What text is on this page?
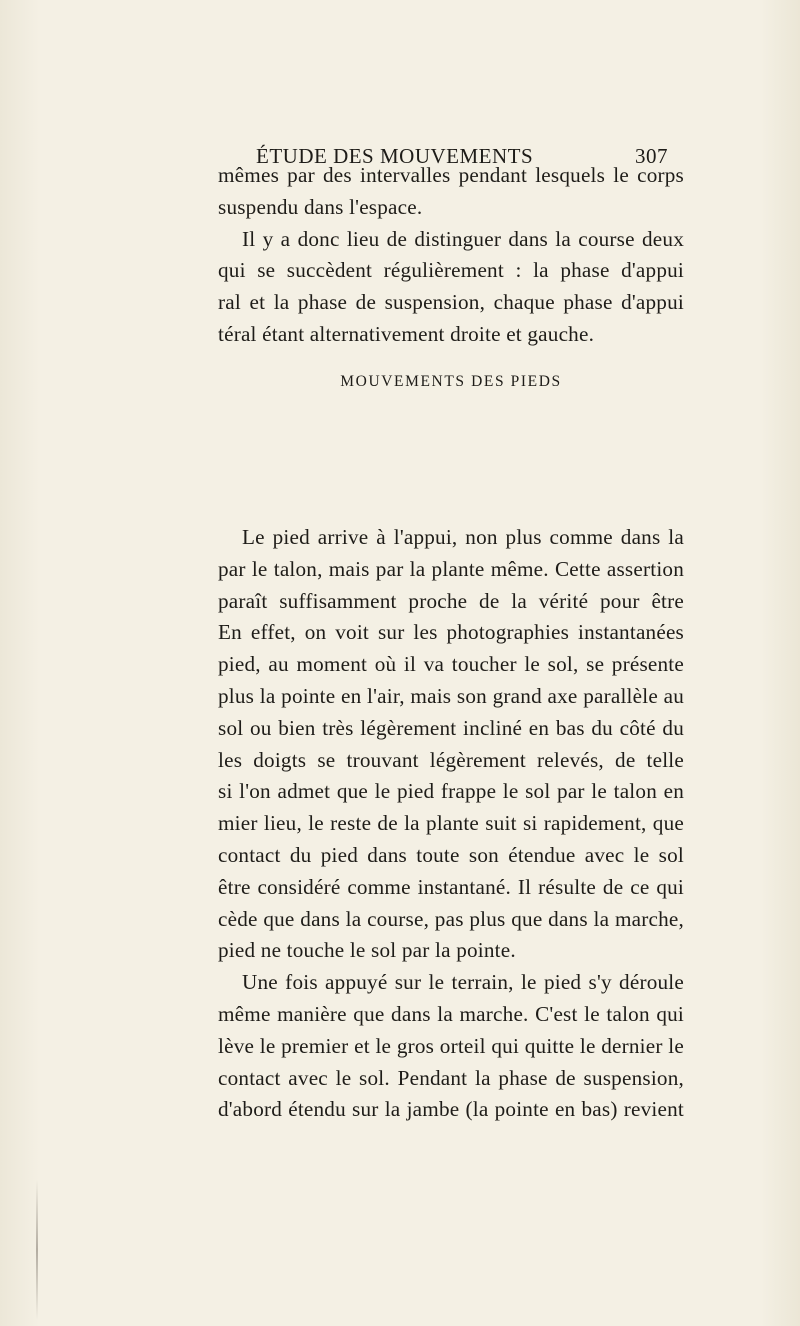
ÉTUDE DES MOUVEMENTS	307
mêmes par des intervalles pendant lesquels le corps
suspendu dans l'espace.
Il y a donc lieu de distinguer dans la course deux
qui se succèdent régulièrement : la phase d'appui
ral et la phase de suspension, chaque phase d'appui
téral étant alternativement droite et gauche.
MOUVEMENTS DES PIEDS
Le pied arrive à l'appui, non plus comme dans la
par le talon, mais par la plante même. Cette assertion
paraît suffisamment proche de la vérité pour être
En effet, on voit sur les photographies instantanées
pied, au moment où il va toucher le sol, se présente
plus la pointe en l'air, mais son grand axe parallèle au
sol ou bien très légèrement incliné en bas du côté du
les doigts se trouvant légèrement relevés, de telle
si l'on admet que le pied frappe le sol par le talon en
mier lieu, le reste de la plante suit si rapidement, que
contact du pied dans toute son étendue avec le sol
être considéré comme instantané. Il résulte de ce qui
cède que dans la course, pas plus que dans la marche,
pied ne touche le sol par la pointe.
Une fois appuyé sur le terrain, le pied s'y déroule
même manière que dans la marche. C'est le talon qui
lève le premier et le gros orteil qui quitte le dernier le
contact avec le sol. Pendant la phase de suspension,
d'abord étendu sur la jambe (la pointe en bas) revient
